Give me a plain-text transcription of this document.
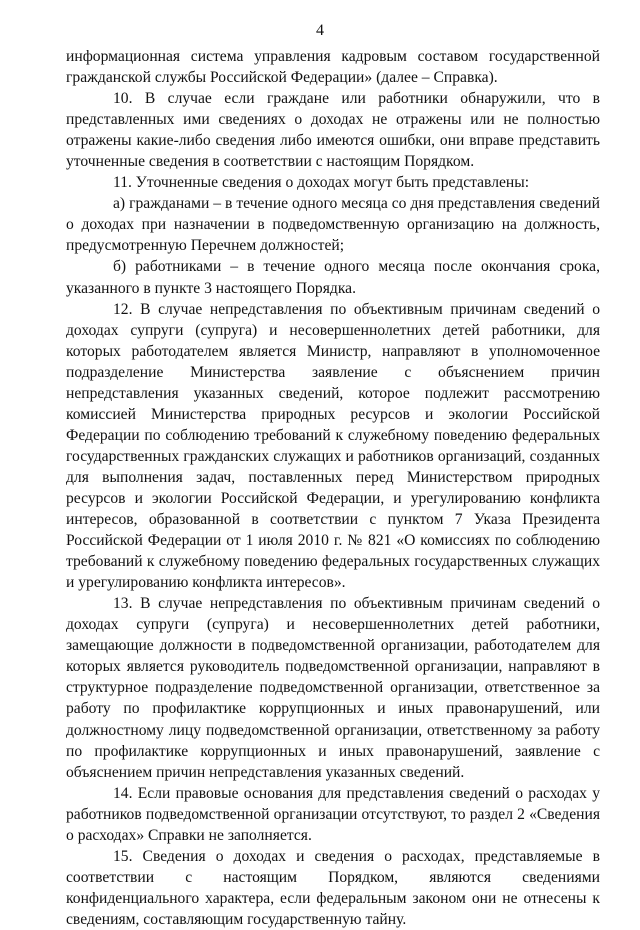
4

информационная система управления кадровым составом государственной гражданской службы Российской Федерации» (далее – Справка).

10. В случае если граждане или работники обнаружили, что в представленных ими сведениях о доходах не отражены или не полностью отражены какие-либо сведения либо имеются ошибки, они вправе представить уточненные сведения в соответствии с настоящим Порядком.

11. Уточненные сведения о доходах могут быть представлены:

а) гражданами – в течение одного месяца со дня представления сведений о доходах при назначении в подведомственную организацию на должность, предусмотренную Перечнем должностей;

б) работниками – в течение одного месяца после окончания срока, указанного в пункте 3 настоящего Порядка.

12. В случае непредставления по объективным причинам сведений о доходах супруги (супруга) и несовершеннолетних детей работники, для которых работодателем является Министр, направляют в уполномоченное подразделение Министерства заявление с объяснением причин непредставления указанных сведений, которое подлежит рассмотрению комиссией Министерства природных ресурсов и экологии Российской Федерации по соблюдению требований к служебному поведению федеральных государственных гражданских служащих и работников организаций, созданных для выполнения задач, поставленных перед Министерством природных ресурсов и экологии Российской Федерации, и урегулированию конфликта интересов, образованной в соответствии с пунктом 7 Указа Президента Российской Федерации от 1 июля 2010 г. № 821 «О комиссиях по соблюдению требований к служебному поведению федеральных государственных служащих и урегулированию конфликта интересов».

13. В случае непредставления по объективным причинам сведений о доходах супруги (супруга) и несовершеннолетних детей работники, замещающие должности в подведомственной организации, работодателем для которых является руководитель подведомственной организации, направляют в структурное подразделение подведомственной организации, ответственное за работу по профилактике коррупционных и иных правонарушений, или должностному лицу подведомственной организации, ответственному за работу по профилактике коррупционных и иных правонарушений, заявление с объяснением причин непредставления указанных сведений.

14. Если правовые основания для представления сведений о расходах у работников подведомственной организации отсутствуют, то раздел 2 «Сведения о расходах» Справки не заполняется.

15. Сведения о доходах и сведения о расходах, представляемые в соответствии с настоящим Порядком, являются сведениями конфиденциального характера, если федеральным законом они не отнесены к сведениям, составляющим государственную тайну.
